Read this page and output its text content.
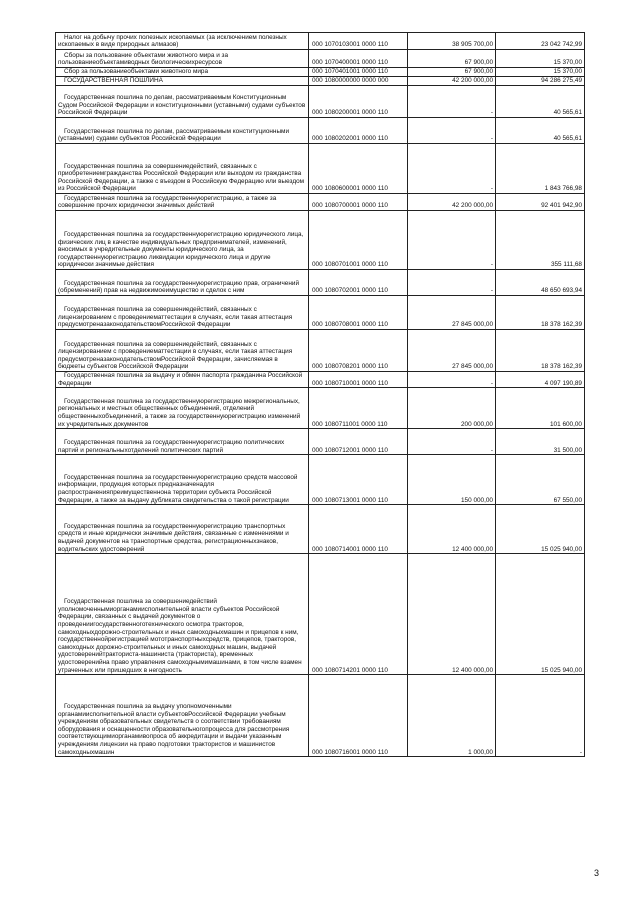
Налог на добычу прочих полезных ископаемых (за исключением полезных ископаемых в виде природных алмазов)	000 1070103001 0000 110	38 905 700,00	23 042 742,99
Сборы за пользование объектами животного мира и за пользованиеобъектамиводных биологическихресурсов	000 1070400001 0000 110	67 900,00	15 370,00
Сбор за пользованиеобъектами животного мира	000 1070401001 0000 110	67 900,00	15 370,00
ГОСУДАРСТВЕННАЯ ПОШЛИНА	000 1080000000 0000 000	42 200 000,00	94 286 275,49
Государственная пошлина по делам, рассматриваемым Конституционным Судом Российской Федерации и конституционными (уставными) судами субъектов Российской Федерации	000 1080200001 0000 110	-	40 565,61
Государственная пошлина по делам, рассматриваемым конституционными (уставными) судами субъектов Российской Федерации	000 1080202001 0000 110	-	40 565,61
Государственная пошлина за совершениедействий, связанных с приобретениемгражданства Российской Федерации или выходом из гражданства Российской Федерации, а также с въездом в Российскую Федерацию или выездом из Российской Федерации	000 1080600001 0000 110	-	1 843 766,98
Государственная пошлина за государственнуюрегистрацию, а также за совершение прочих юридически значимых действий	000 1080700001 0000 110	42 200 000,00	92 401 942,90
Государственная пошлина за государственнуюрегистрацию юридического лица, физических лиц в качестве индивидуальных предпринимателей, изменений, вносимых в учредительные документы юридического лица, за государственнуюрегистрацию ликвидации юридического лица и другие юридически значимые действия	000 1080701001 0000 110	-	355 111,68
Государственная пошлина за государственнуюрегистрацию прав, ограничений (обременений) прав на недвижимоеимущество и сделок с ним	000 1080702001 0000 110	-	48 650 693,94
Государственная пошлина за совершениедействий, связанных с лицензированием с проведениематтестации в случаях, если такая аттестация предусмотреназаконодательствомРоссийской Федерации	000 1080708001 0000 110	27 845 000,00	18 378 162,39
Государственная пошлина за совершениедействий, связанных с лицензированием с проведениематтестации в случаях, если такая аттестация предусмотреназаконодательствомРоссийской Федерации, зачисляемая в бюджеты субъектов Российской Федерации	000 1080708201 0000 110	27 845 000,00	18 378 162,39
Государственная пошлина за выдачу и обмен паспорта гражданина Российской Федерации	000 1080710001 0000 110	-	4 097 190,89
Государственная пошлина за государственнуюрегистрацию межрегиональных, региональных и местных общественных объединений, отделений общественныхобъединений, а также за государственнуюрегистрацию изменений их учредительных документов	000 1080711001 0000 110	200 000,00	101 600,00
Государственная пошлина за государственнуюрегистрацию политических партий и региональныхотделений политических партий	000 1080712001 0000 110	-	31 500,00
Государственная пошлина за государственнуюрегистрацию средств массовой информации, продукция которых предназначенадля распространенияпреимущественнона территории субъекта Российской Федерации, а также за выдачу дубликата свидетельства о такой регистрации	000 1080713001 0000 110	150 000,00	67 550,00
Государственная пошлина за государственнуюрегистрацию транспортных средств и иные юридически значимые действия, связанные с изменениями и выдачей документов на транспортные средства, регистрационныхзнаков, водительских удостоверений	000 1080714001 0000 110	12 400 000,00	15 025 940,00
Государственная пошлина за совершениедействий уполномоченнымиорганамиисполнительной власти субъектов Российской Федерации, связанных с выдачей документов о проведениигосударственноготехнического осмотра тракторов, самоходныхдорожно-строительных и иных самоходныхмашин и прицепов к ним, государственнойрегистрацией мототранспортныхсредств, прицепов, тракторов, самоходных дорожно-строительных и иных самоходных машин, выдачей удостоверенийтракториста-машиниста (тракториста), временных удостоверенийна право управления самоходнымимашинами, в том числе взамен утраченных или пришедших в негодность	000 1080714201 0000 110	12 400 000,00	15 025 940,00
Государственная пошлина за выдачу уполномоченными органамиисполнительной власти субъектовРоссийской Федерации учебным учреждениям образовательных свидетельств о соответствии требованиям оборудования и оснащенности образовательногопроцесса для рассмотрения соответствующимиорганамивопроса об аккредитации и выдачи указанным учреждениям лицензии на право подготовки трактористов и машинистов самоходныхмашин	000 1080716001 0000 110	1 000,00	-
3
